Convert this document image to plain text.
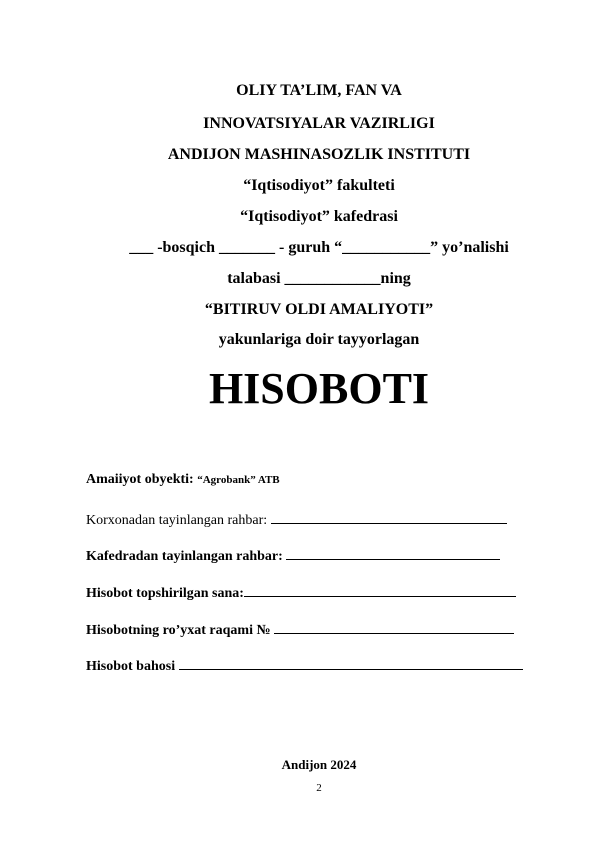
OLIY TA’LIM, FAN VA
INNOVATSIYALAR VAZIRLIGI
ANDIJON MASHINASOZLIK INSTITUTI
“Iqtisodiyot” fakulteti
“Iqtisodiyot” kafedrasi
___ -bosqich _______ - guruh “___________” yo’nalishi
talabasi ____________ning
“BITIRUV OLDI AMALIYOTI”
yakunlariga doir tayyorlagan
HISOBOTI
Amaiiyot obyekti: “Agrobank” ATB
Korxonadan tayinlangan rahbar:
Kafedradan tayinlangan rahbar:
Hisobot topshirilgan sana:
Hisobotning ro’yxat raqami №
Hisobot bahosi
Andijon 2024
2
